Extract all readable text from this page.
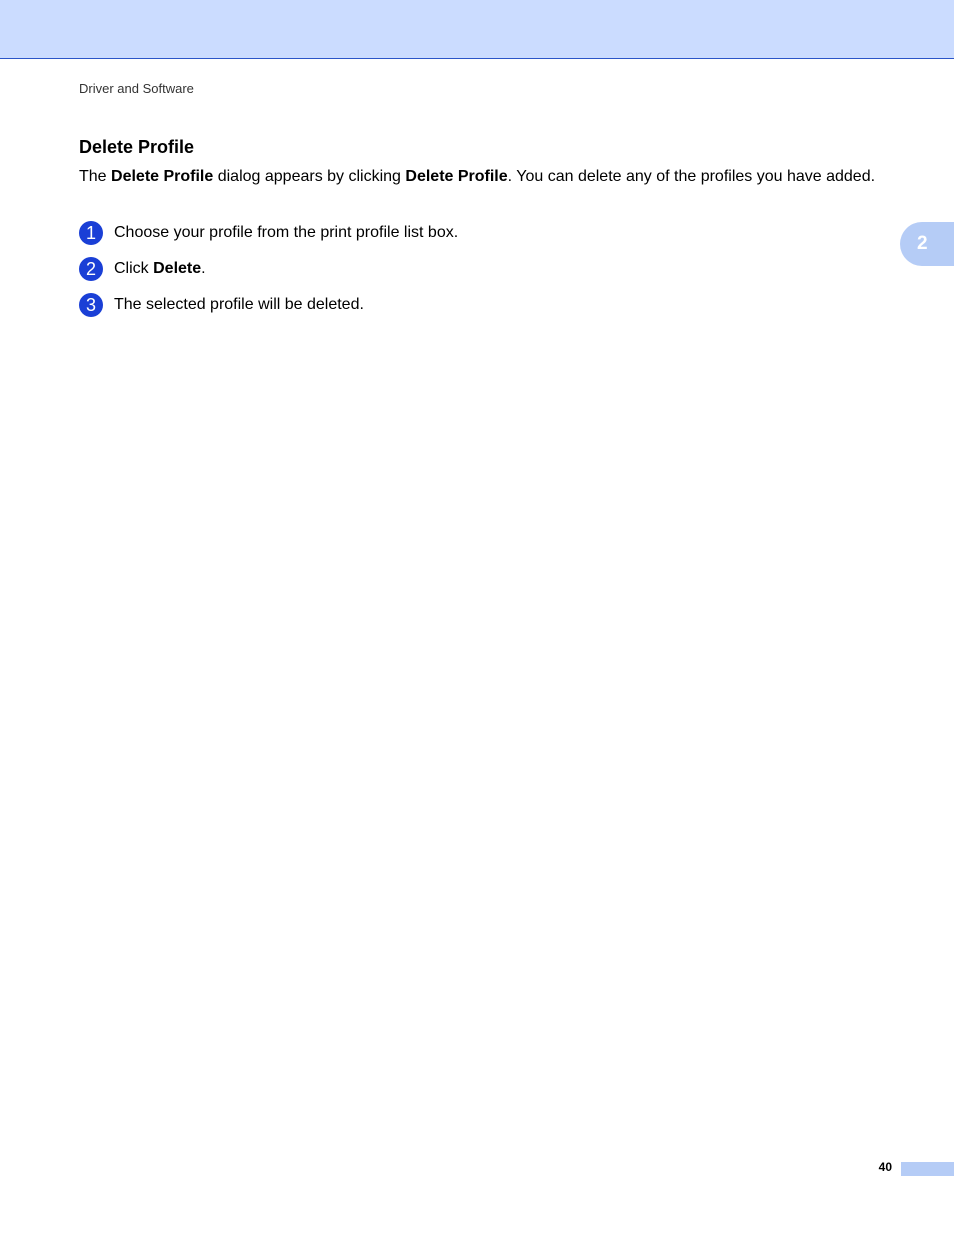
Driver and Software
Delete Profile

The Delete Profile dialog appears by clicking Delete Profile. You can delete any of the profiles you have added.

1	Choose your profile from the print profile list box.
2	Click Delete.
3	The selected profile will be deleted.
2
40
